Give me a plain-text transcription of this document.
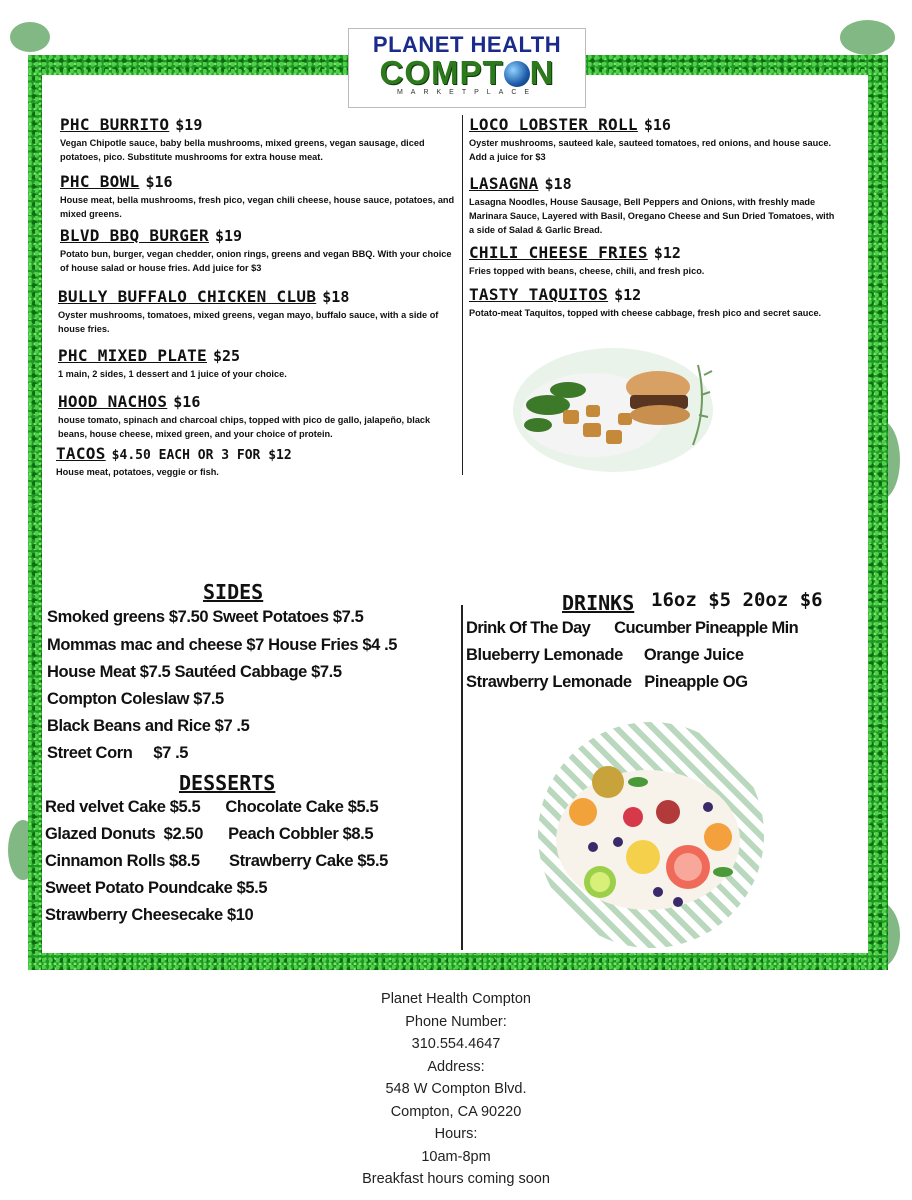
PLANET HEALTH
COMPT N
MARKETPLACE
PHC BURRITO $19
Vegan Chipotle sauce, baby bella mushrooms, mixed greens, vegan sausage, diced potatoes, pico. Substitute mushrooms for extra house meat.
PHC BOWL $16
House meat, bella mushrooms, fresh pico, vegan chili cheese, house sauce, potatoes, and mixed greens.
BLVD BBQ BURGER $19
Potato bun, burger, vegan chedder, onion rings, greens and vegan BBQ. With your choice of house salad or house fries. Add juice for $3
BULLY BUFFALO CHICKEN CLUB $18
Oyster mushrooms, tomatoes, mixed greens, vegan mayo, buffalo sauce, with a side of house fries.
PHC MIXED PLATE $25
1 main, 2 sides, 1 dessert and 1 juice of your choice.
HOOD NACHOS $16
house tomato, spinach and charcoal chips, topped with pico de gallo, jalapeño, black beans, house cheese, mixed green, and your choice of protein.
TACOS $4.50 EACH OR 3 FOR $12
House meat, potatoes, veggie or fish.
LOCO LOBSTER ROLL $16
Oyster mushrooms, sauteed kale, sauteed tomatoes, red onions, and house sauce. Add a juice for $3
LASAGNA $18
Lasagna Noodles, House Sausage, Bell Peppers and Onions, with freshly made Marinara Sauce, Layered with Basil, Oregano Cheese and Sun Dried Tomatoes, with a side of Salad & Garlic Bread.
CHILI CHEESE FRIES $12
Fries topped with beans, cheese, chili, and fresh pico.
TASTY TAQUITOS $12
Potato-meat Taquitos, topped with cheese cabbage, fresh pico and secret sauce.
SIDES
Smoked greens $7.50 Sweet Potatoes $7.5
Mommas mac and cheese $7 House Fries $4 .5
House Meat $7.5 Sautéed Cabbage $7.5
Compton Coleslaw $7.5
Black Beans and Rice $7 .5
Street Corn     $7 .5
DESSERTS
Red velvet Cake $5.5      Chocolate Cake $5.5
Glazed Donuts  $2.50      Peach Cobbler $8.5
Cinnamon Rolls $8.5       Strawberry Cake $5.5
Sweet Potato Poundcake $5.5
Strawberry Cheesecake $10
DRINKS 16oz $5 20oz $6
Drink Of The Day      Cucumber Pineapple Min
Blueberry Lemonade     Orange Juice
Strawberry Lemonade   Pineapple OG
Planet Health Compton
Phone Number:
310.554.4647
Address:
548 W Compton Blvd.
Compton, CA 90220
Hours:
10am-8pm
Breakfast hours coming soon
